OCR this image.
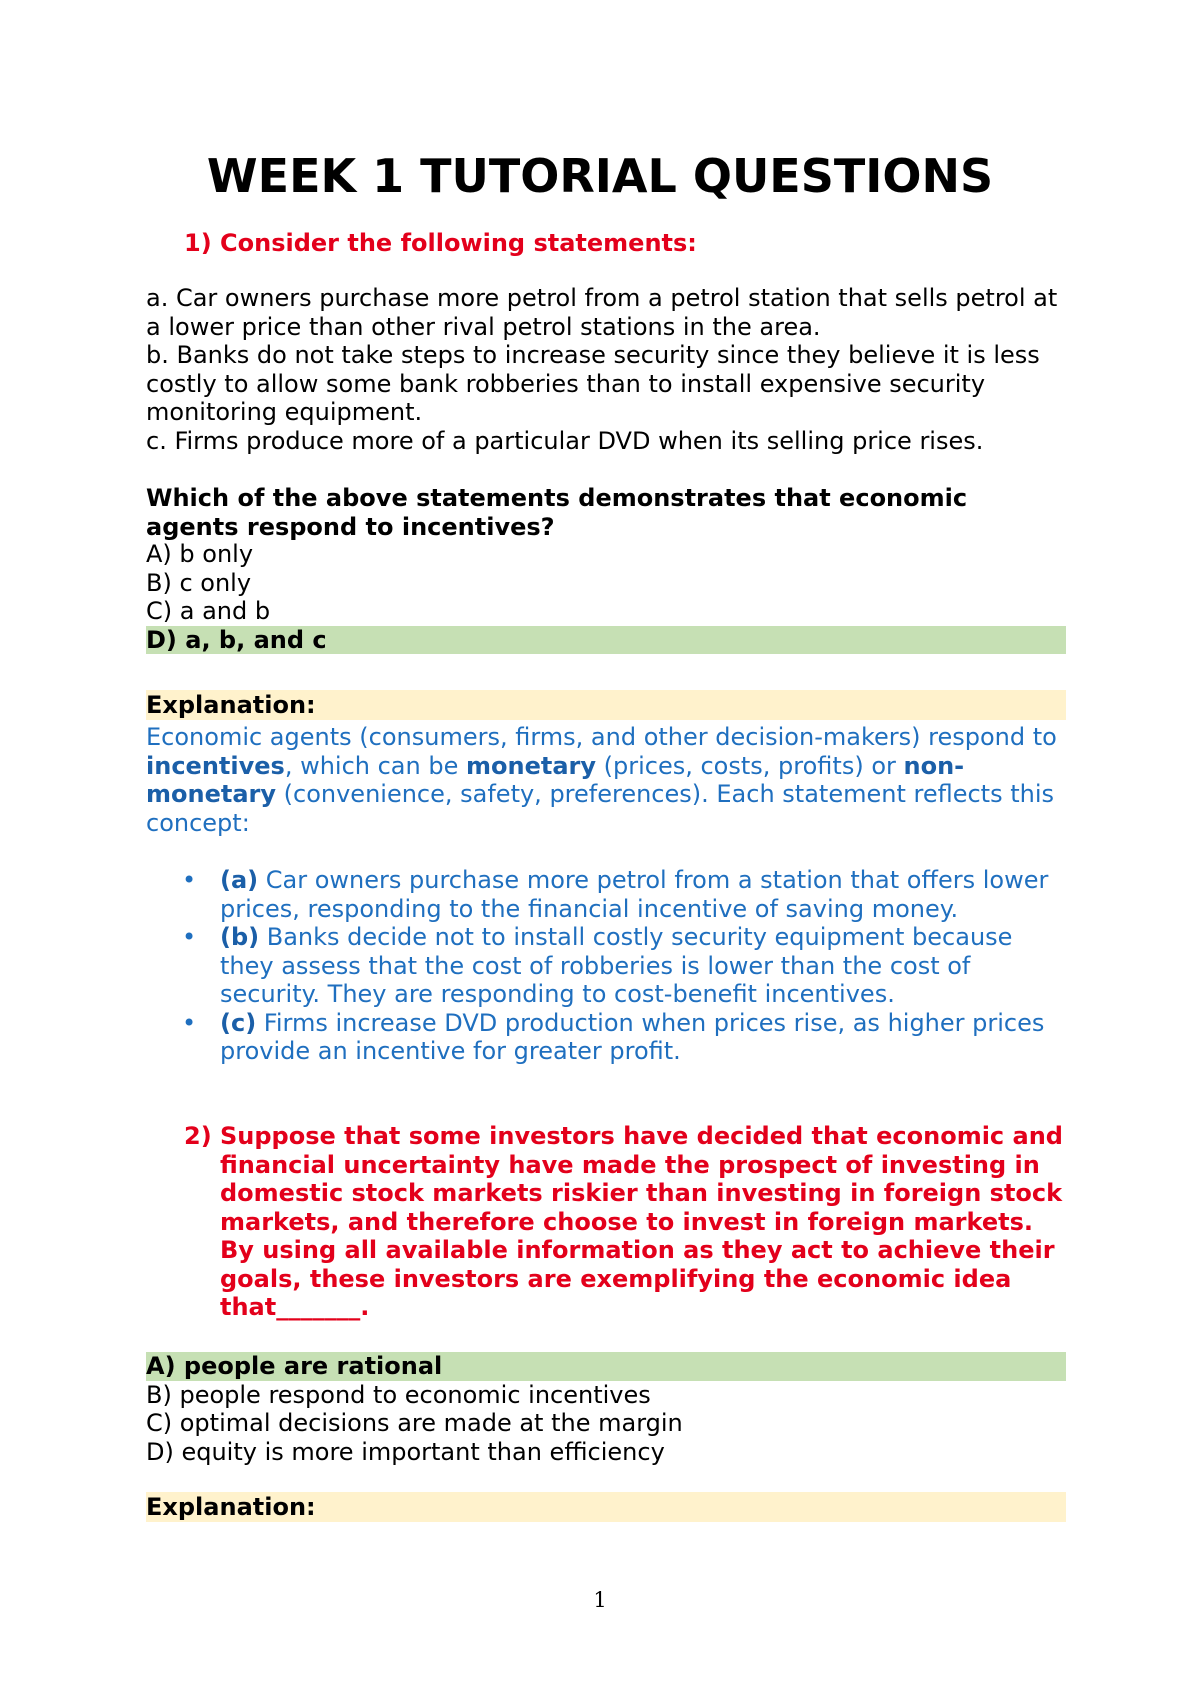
WEEK 1 TUTORIAL QUESTIONS
1) Consider the following statements:

a. Car owners purchase more petrol from a petrol station that sells petrol at a lower price than other rival petrol stations in the area.

b. Banks do not take steps to increase security since they believe it is less costly to allow some bank robberies than to install expensive security monitoring equipment.

c. Firms produce more of a particular DVD when its selling price rises.

Which of the above statements demonstrates that economic agents respond to incentives?

A) b only

B) c only

C) a and b

D) a, b, and c

Explanation:
Economic agents (consumers, firms, and other decision-makers) respond to incentives, which can be monetary (prices, costs, profits) or non-monetary (convenience, safety, preferences). Each statement reflects this concept:
• (a) Car owners purchase more petrol from a station that offers lower prices, responding to the financial incentive of saving money.
• (b) Banks decide not to install costly security equipment because they assess that the cost of robberies is lower than the cost of security. They are responding to cost-benefit incentives.
• (c) Firms increase DVD production when prices rise, as higher prices provide an incentive for greater profit.
2) Suppose that some investors have decided that economic and financial uncertainty have made the prospect of investing in domestic stock markets riskier than investing in foreign stock markets, and therefore choose to invest in foreign markets. By using all available information as they act to achieve their goals, these investors are exemplifying the economic idea that_______.

A) people are rational

B) people respond to economic incentives

C) optimal decisions are made at the margin

D) equity is more important than efficiency

Explanation:
1
